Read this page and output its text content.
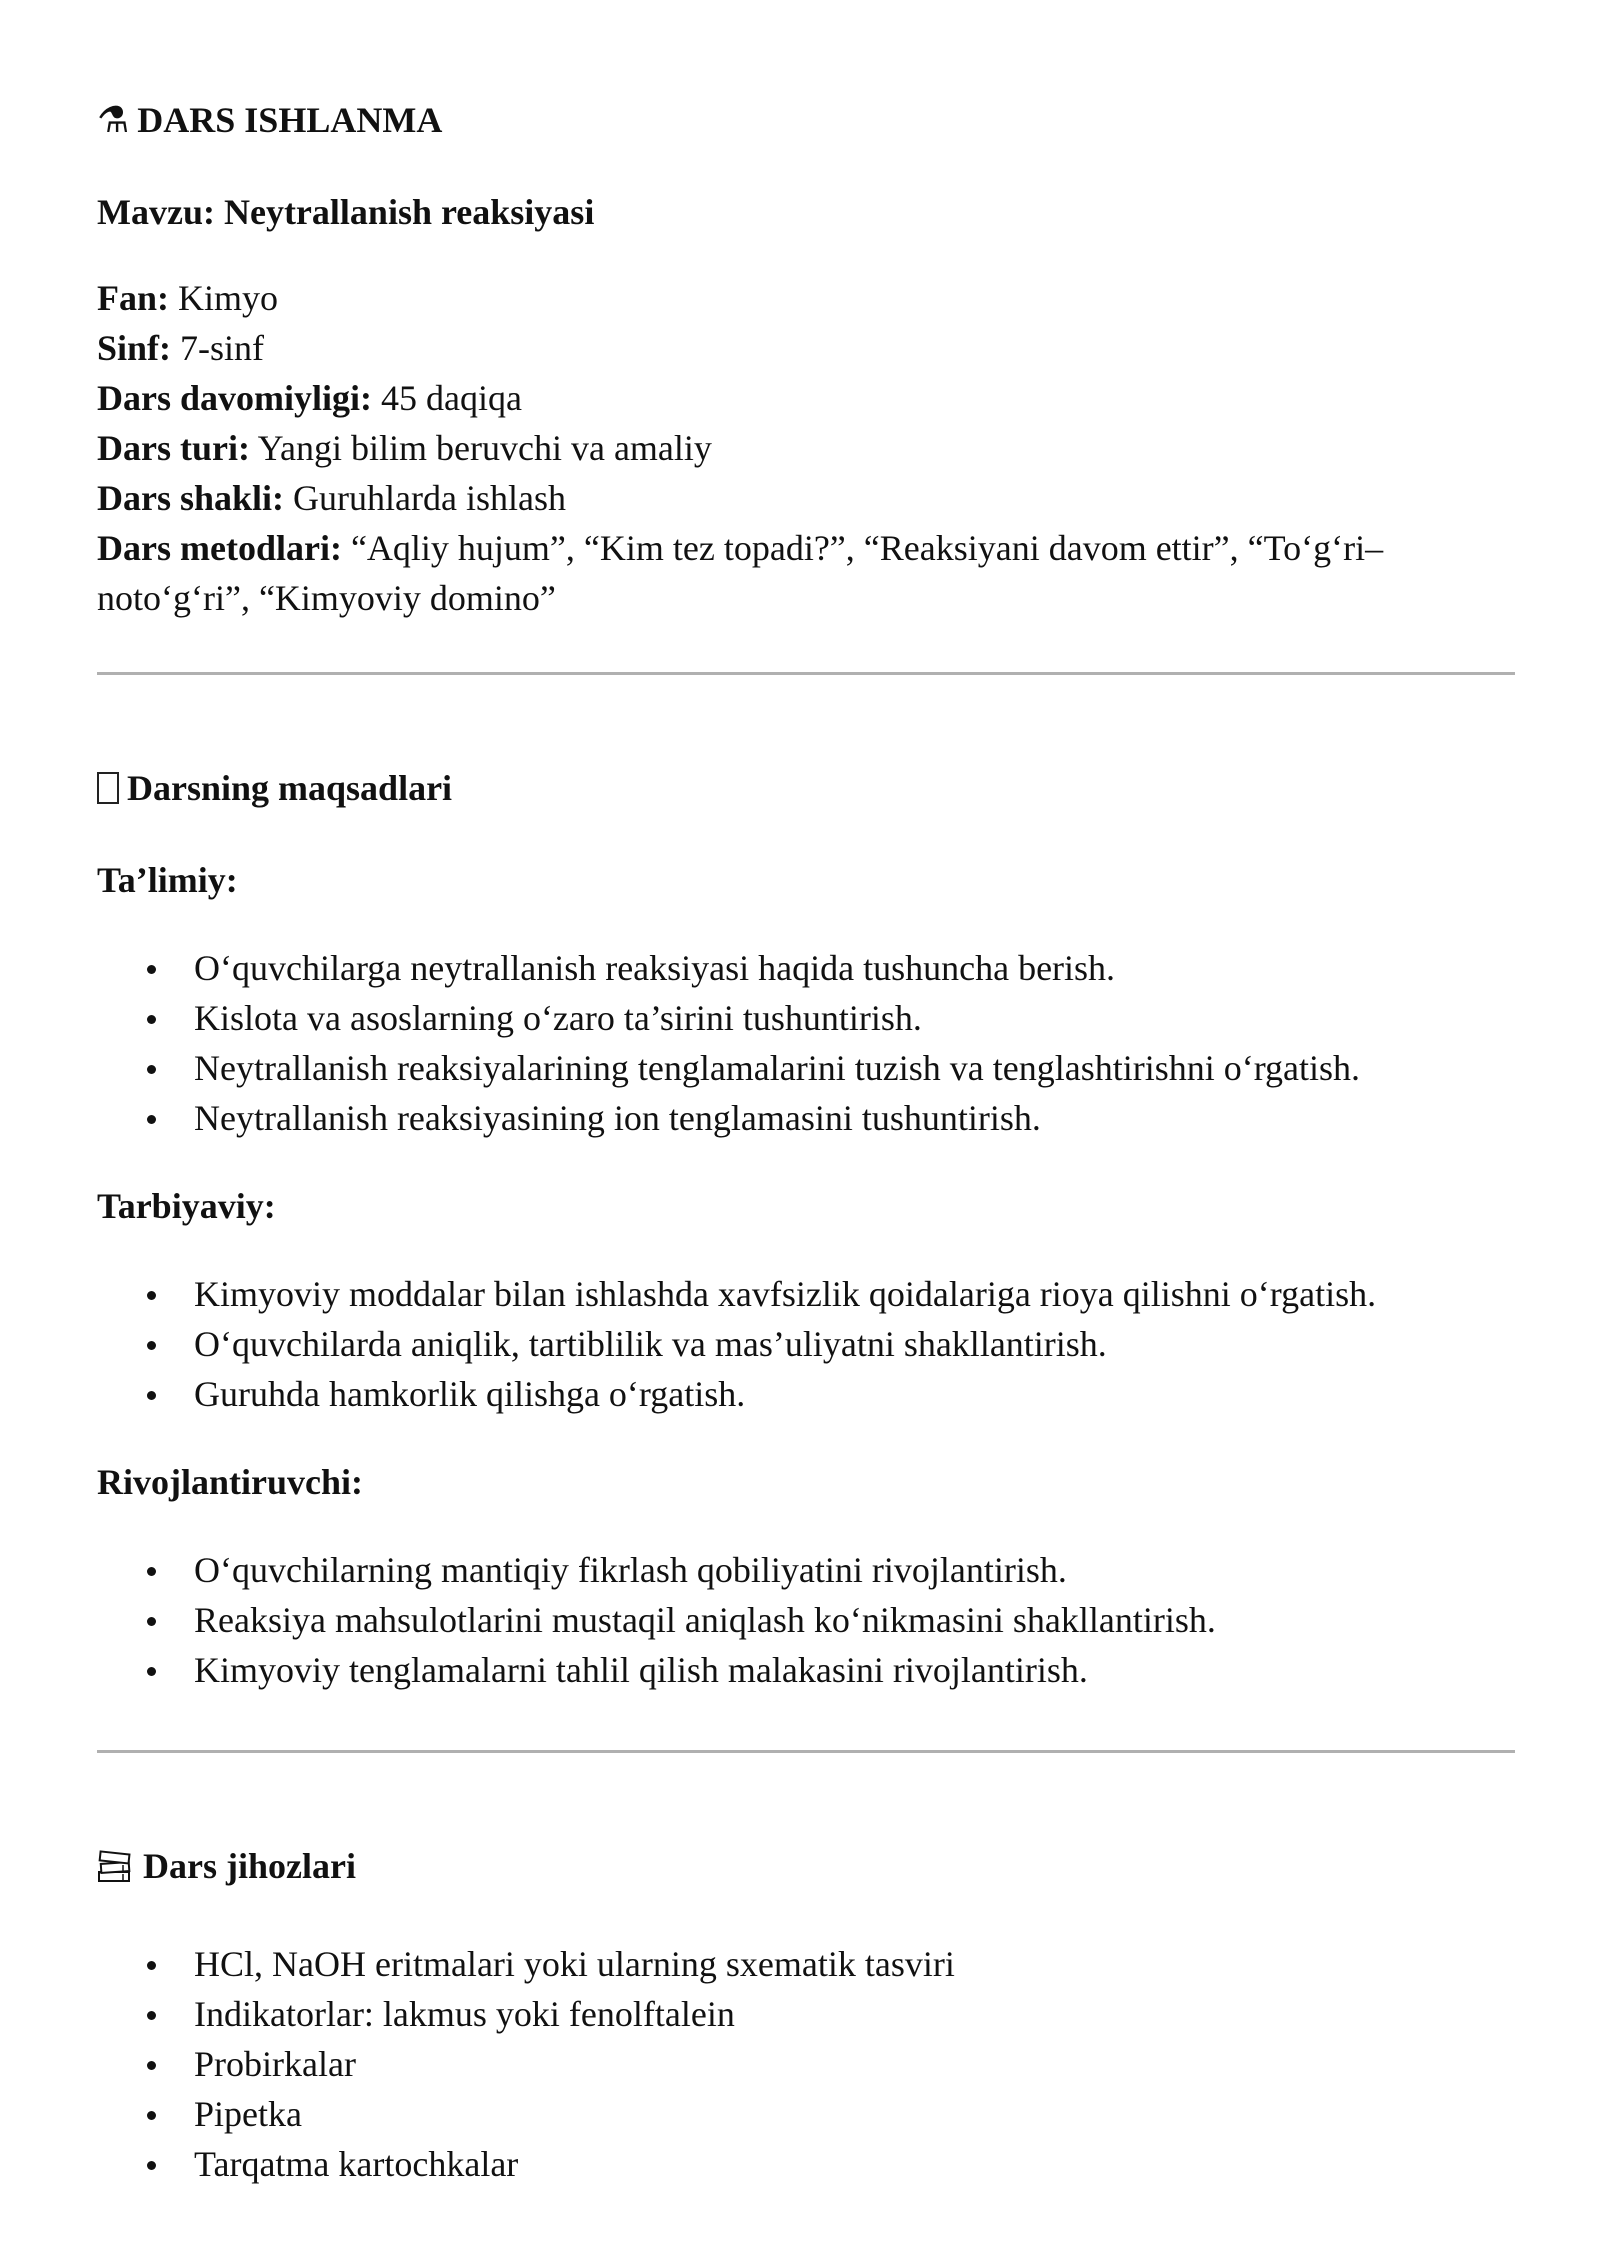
⚗ DARS ISHLANMA
Mavzu: Neytrallanish reaksiyasi

Fan: Kimyo

Sinf: 7-sinf

Dars davomiyligi: 45 daqiqa

Dars turi: Yangi bilim beruvchi va amaliy

Dars shakli: Guruhlarda ishlash

Dars metodlari: “Aqliy hujum”, “Kim tez topadi?”, “Reaksiyani davom ettir”, “To‘g‘ri–noto‘g‘ri”, “Kimyoviy domino”

Darsning maqsadlari
Ta’limiy:
O‘quvchilarga neytrallanish reaksiyasi haqida tushuncha berish.
Kislota va asoslarning o‘zaro ta’sirini tushuntirish.
Neytrallanish reaksiyalarining tenglamalarini tuzish va tenglashtirishni o‘rgatish.
Neytrallanish reaksiyasining ion tenglamasini tushuntirish.
Tarbiyaviy:
Kimyoviy moddalar bilan ishlashda xavfsizlik qoidalariga rioya qilishni o‘rgatish.
O‘quvchilarda aniqlik, tartiblilik va mas’uliyatni shakllantirish.
Guruhda hamkorlik qilishga o‘rgatish.
Rivojlantiruvchi:
O‘quvchilarning mantiqiy fikrlash qobiliyatini rivojlantirish.
Reaksiya mahsulotlarini mustaqil aniqlash ko‘nikmasini shakllantirish.
Kimyoviy tenglamalarni tahlil qilish malakasini rivojlantirish.
Dars jihozlari
HCl, NaOH eritmalari yoki ularning sxematik tasviri
Indikatorlar: lakmus yoki fenolftalein
Probirkalar
Pipetka
Tarqatma kartochkalar
